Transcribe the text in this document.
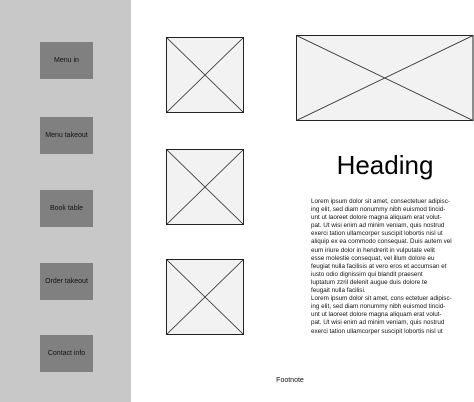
Menu in
Menu takeout
Book table
Order takeout
Contact info
Heading
Lorem ipsum dolor sit amet, consectetuer adipisc-
ing elit, sed diam nonummy nibh euismod tincid-
unt ut laoreet dolore magna aliquam erat volut-
pat. Ut wisi enim ad minim veniam, quis nostrud
exerci tation ullamcorper suscipit lobortis nisl ut
aliquip ex ea commodo consequat. Duis autem vel
eum iriure dolor in hendrerit in vulputate velit
esse molestie consequat, vel illum dolore eu
feugiat nulla facilisis at vero eros et accumsan et
iusto odio dignissim qui blandit praesent
luptatum zzril delenit augue duis dolore te
feugait nulla facilisi.
Lorem ipsum dolor sit amet, cons ectetuer adipisc-
ing elit, sed diam nonummy nibh euismod tincid-
unt ut laoreet dolore magna aliquam erat volut-
pat. Ut wisi enim ad minim veniam, quis nostrud
exerci tation ullamcorper suscipit lobortis nisl ut
Footnote
